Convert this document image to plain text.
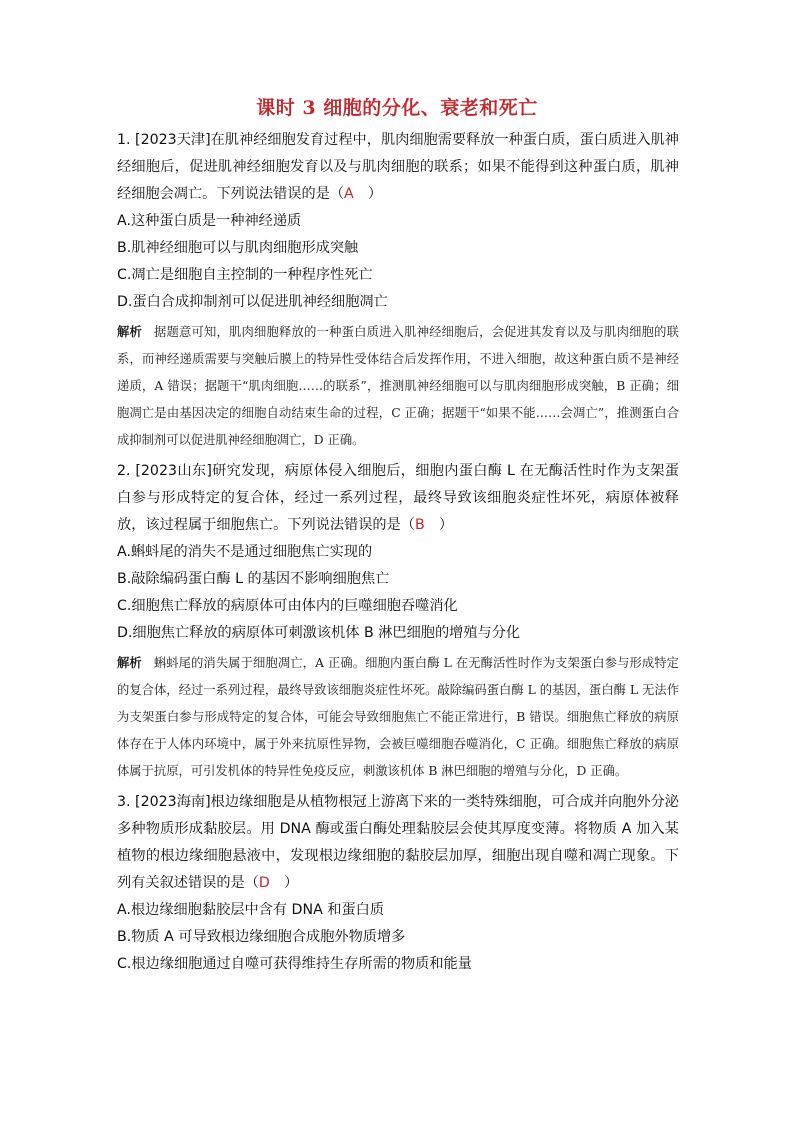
课时 3 细胞的分化、衰老和死亡

1. [2023天津]在肌神经细胞发育过程中，肌肉细胞需要释放一种蛋白质，蛋白质进入肌神经细胞后，促进肌神经细胞发育以及与肌肉细胞的联系；如果不能得到这种蛋白质，肌神经细胞会凋亡。下列说法错误的是（A　）

A.这种蛋白质是一种神经递质

B.肌神经细胞可以与肌肉细胞形成突触

C.凋亡是细胞自主控制的一种程序性死亡

D.蛋白合成抑制剂可以促进肌神经细胞凋亡

解析 据题意可知，肌肉细胞释放的一种蛋白质进入肌神经细胞后，会促进其发育以及与肌肉细胞的联系，而神经递质需要与突触后膜上的特异性受体结合后发挥作用，不进入细胞，故这种蛋白质不是神经递质，A 错误；据题干“肌肉细胞……的联系”，推测肌神经细胞可以与肌肉细胞形成突触，B 正确；细胞凋亡是由基因决定的细胞自动结束生命的过程，C 正确；据题干“如果不能……会凋亡”，推测蛋白合成抑制剂可以促进肌神经细胞凋亡，D 正确。

2. [2023山东]研究发现，病原体侵入细胞后，细胞内蛋白酶 L 在无酶活性时作为支架蛋白参与形成特定的复合体，经过一系列过程，最终导致该细胞炎症性坏死，病原体被释放，该过程属于细胞焦亡。下列说法错误的是（B　）

A.蝌蚪尾的消失不是通过细胞焦亡实现的

B.敲除编码蛋白酶 L 的基因不影响细胞焦亡

C.细胞焦亡释放的病原体可由体内的巨噬细胞吞噬消化

D.细胞焦亡释放的病原体可刺激该机体 B 淋巴细胞的增殖与分化

解析 蝌蚪尾的消失属于细胞凋亡，A 正确。细胞内蛋白酶 L 在无酶活性时作为支架蛋白参与形成特定的复合体，经过一系列过程，最终导致该细胞炎症性坏死。敲除编码蛋白酶 L 的基因，蛋白酶 L 无法作为支架蛋白参与形成特定的复合体，可能会导致细胞焦亡不能正常进行，B 错误。细胞焦亡释放的病原体存在于人体内环境中，属于外来抗原性异物，会被巨噬细胞吞噬消化，C 正确。细胞焦亡释放的病原体属于抗原，可引发机体的特异性免疫反应，刺激该机体 B 淋巴细胞的增殖与分化，D 正确。

3. [2023海南]根边缘细胞是从植物根冠上游离下来的一类特殊细胞，可合成并向胞外分泌多种物质形成黏胶层。用 DNA 酶或蛋白酶处理黏胶层会使其厚度变薄。将物质 A 加入某植物的根边缘细胞悬液中，发现根边缘细胞的黏胶层加厚，细胞出现自噬和凋亡现象。下列有关叙述错误的是（D　）

A.根边缘细胞黏胶层中含有 DNA 和蛋白质

B.物质 A 可导致根边缘细胞合成胞外物质增多

C.根边缘细胞通过自噬可获得维持生存所需的物质和能量
